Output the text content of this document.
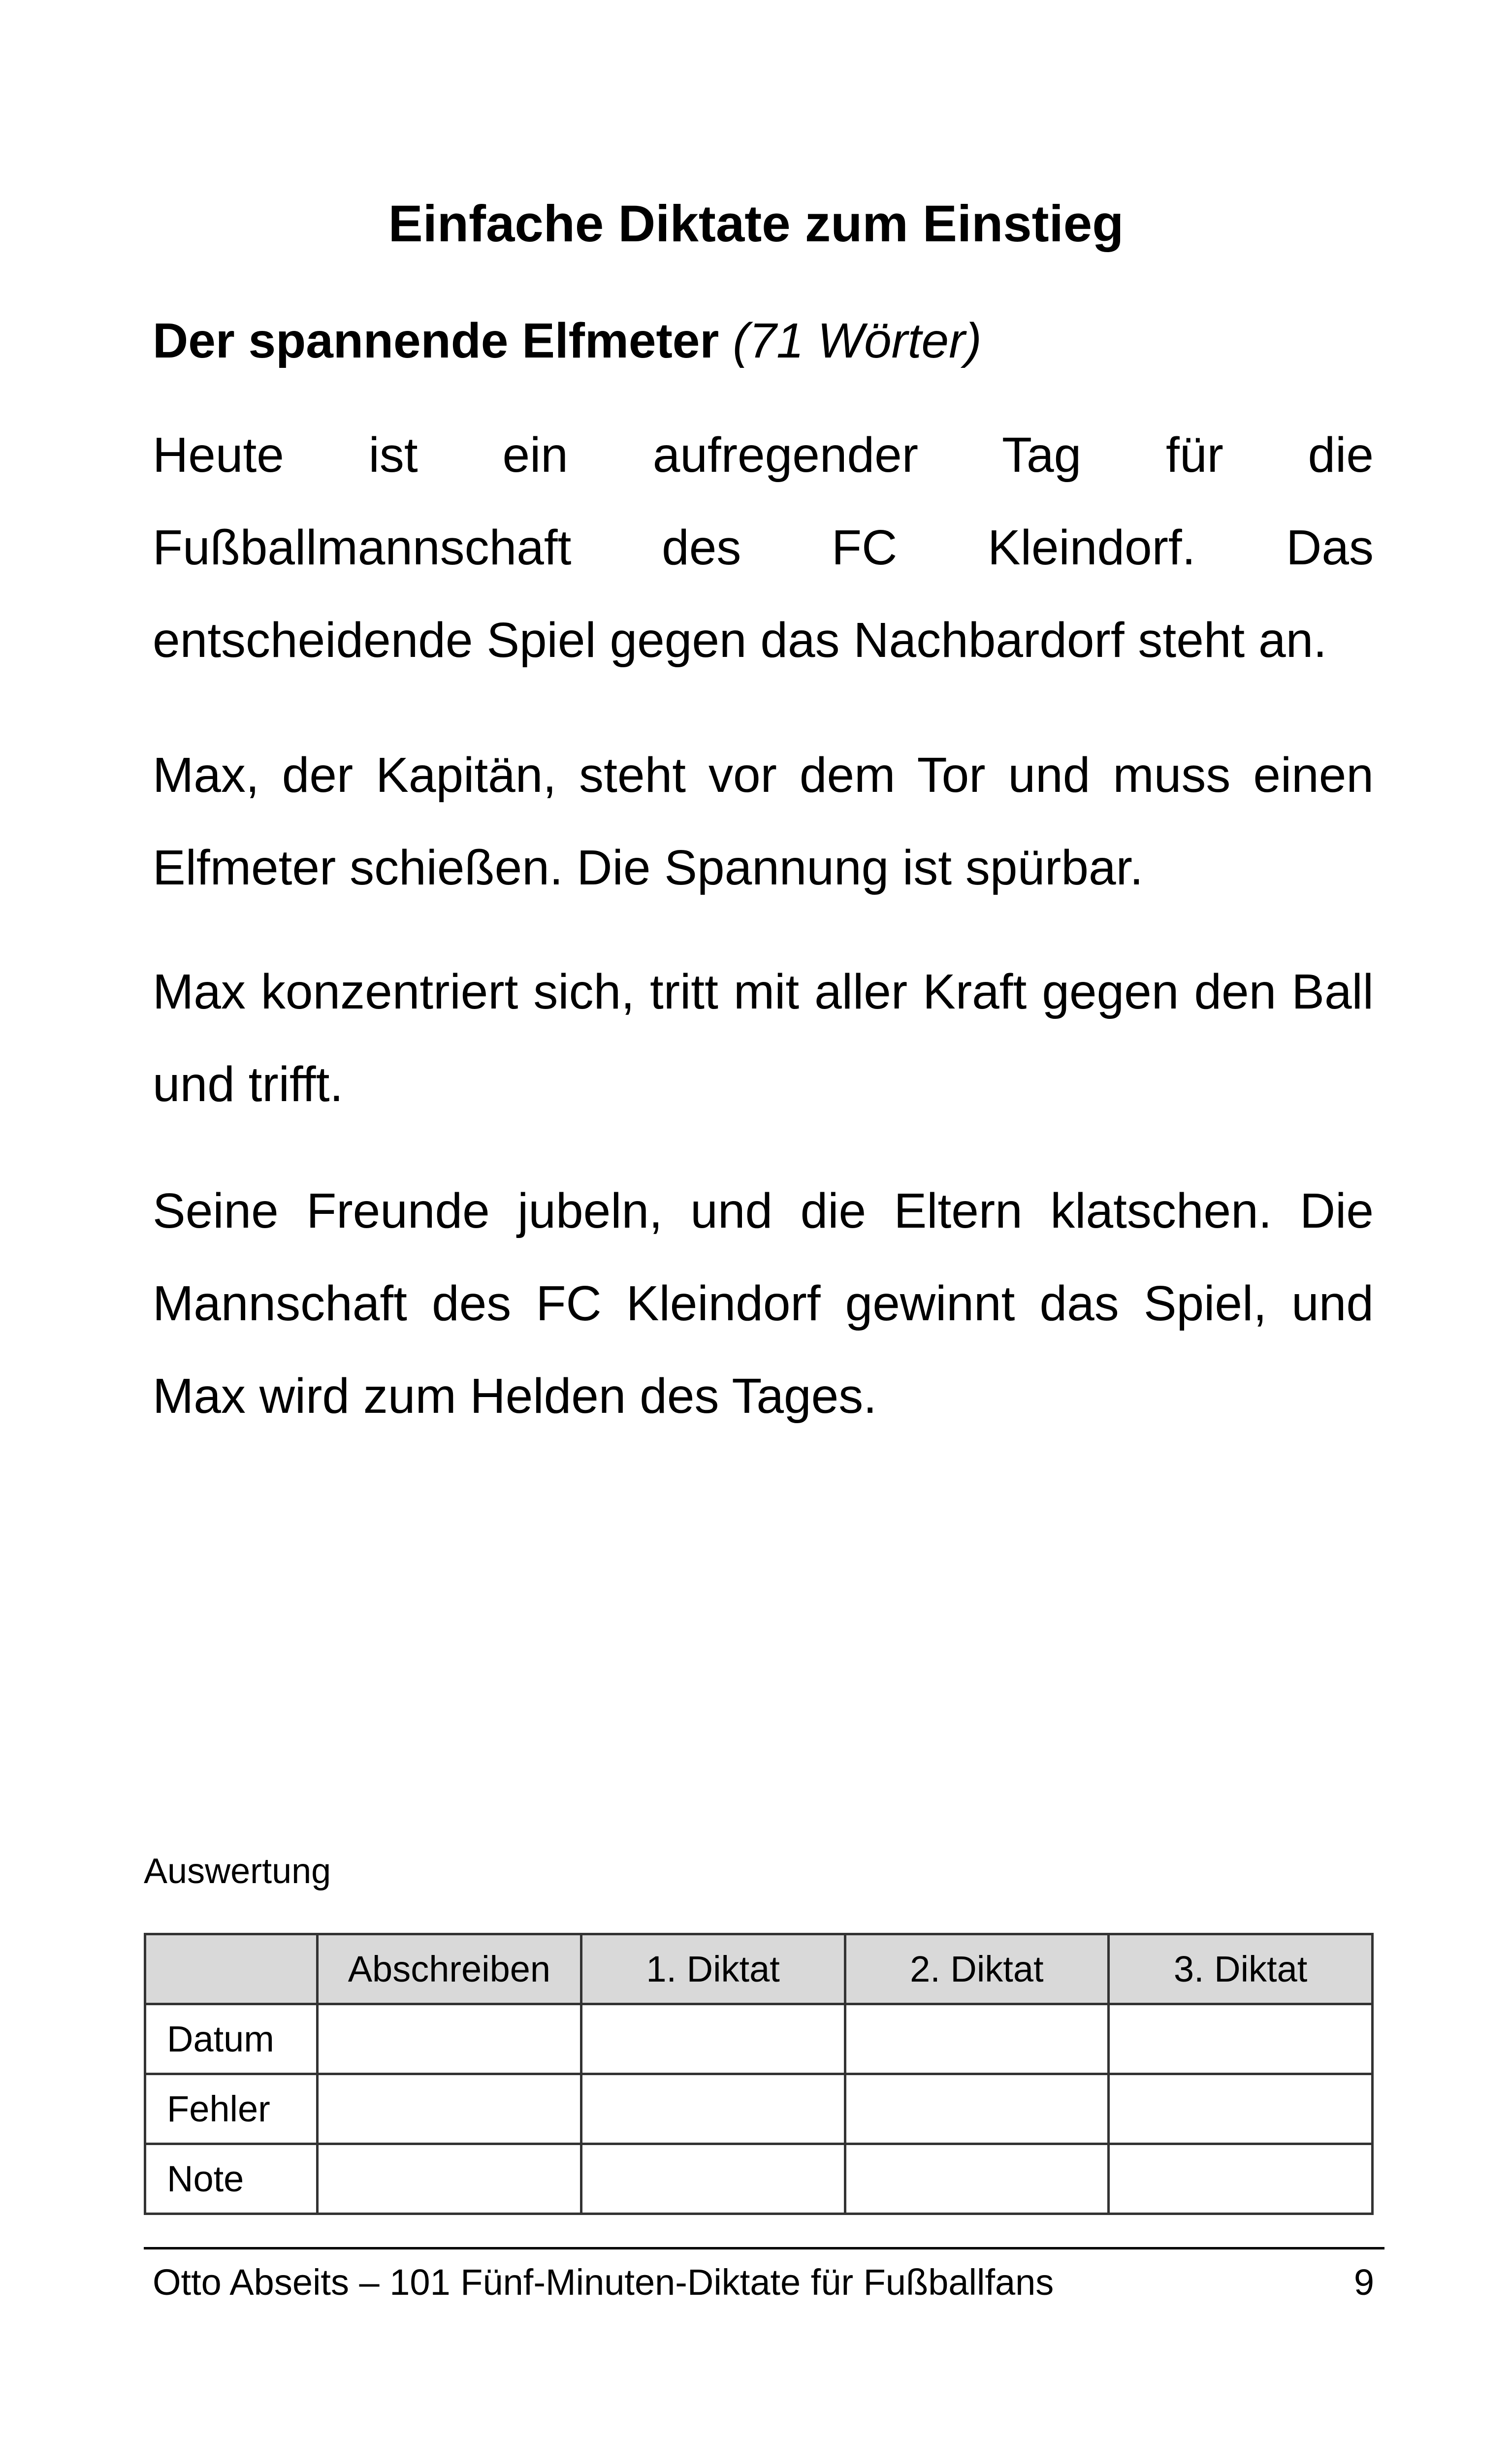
Einfache Diktate zum Einstieg
Der spannende Elfmeter (71 Wörter)

Heute ist ein aufregender Tag für die Fußballmannschaft des FC Kleindorf. Das entscheidende Spiel gegen das Nachbardorf steht an.

Max, der Kapitän, steht vor dem Tor und muss einen Elfmeter schießen. Die Spannung ist spürbar.

Max konzentriert sich, tritt mit aller Kraft gegen den Ball und trifft.

Seine Freunde jubeln, und die Eltern klatschen. Die Mannschaft des FC Kleindorf gewinnt das Spiel, und Max wird zum Helden des Tages.

Auswertung

	Abschreiben	1. Diktat	2. Diktat	3. Diktat
Datum				
Fehler				
Note				

Otto Abseits – 101 Fünf-Minuten-Diktate für Fußballfans	9
